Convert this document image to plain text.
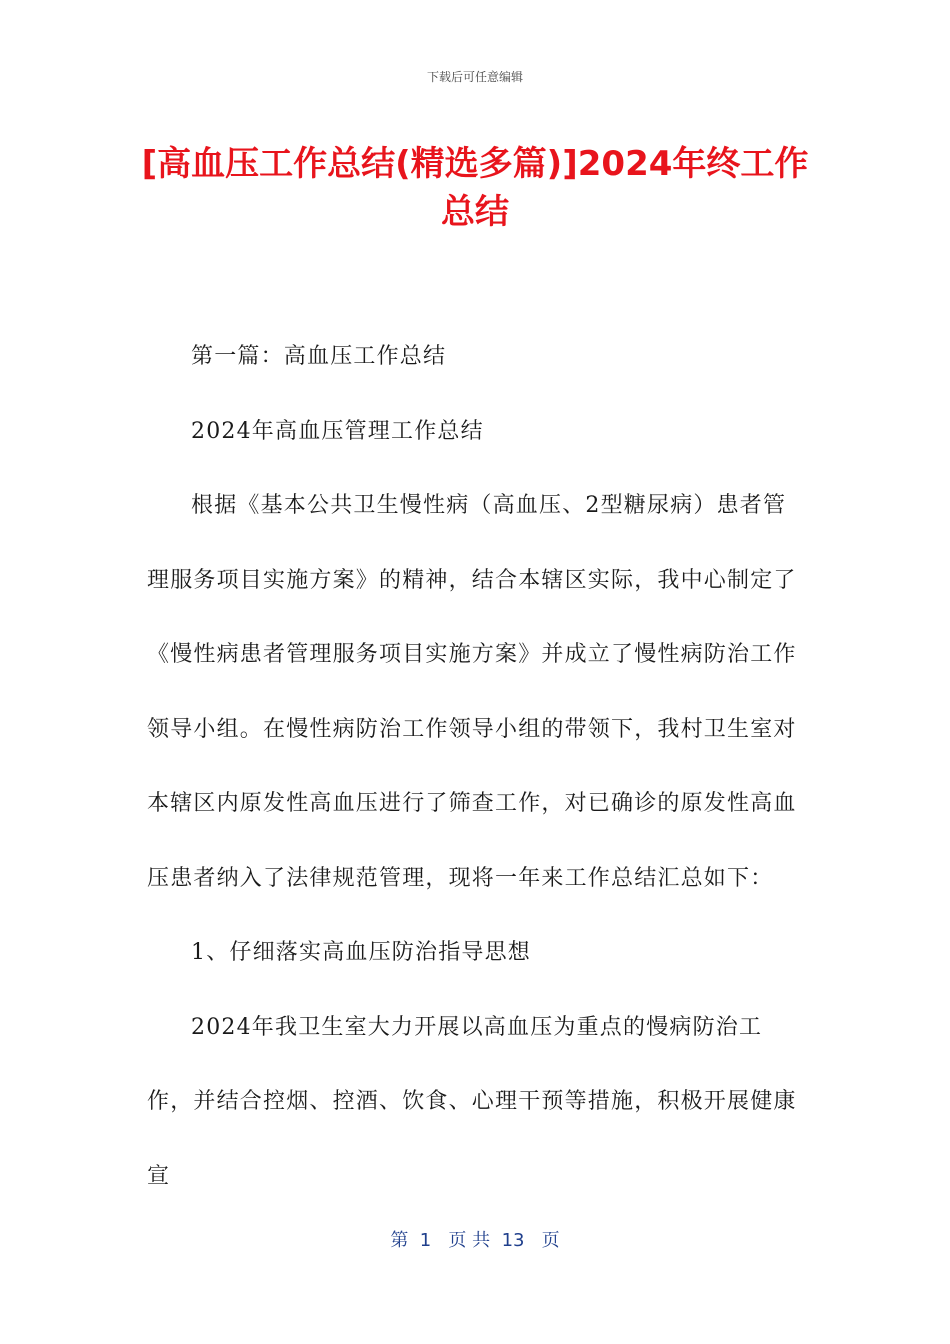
下载后可任意编辑
[高血压工作总结(精选多篇)]2024年终工作总结

第一篇：高血压工作总结

2024年高血压管理工作总结

根据《基本公共卫生慢性病（高血压、2型糖尿病）患者管理服务项目实施方案》的精神，结合本辖区实际，我中心制定了《慢性病患者管理服务项目实施方案》并成立了慢性病防治工作领导小组。在慢性病防治工作领导小组的带领下，我村卫生室对本辖区内原发性高血压进行了筛查工作，对已确诊的原发性高血压患者纳入了法律规范管理，现将一年来工作总结汇总如下：

1、仔细落实高血压防治指导思想

2024年我卫生室大力开展以高血压为重点的慢病防治工作，并结合控烟、控酒、饮食、心理干预等措施，积极开展健康宣

第  1   页 共  13   页
